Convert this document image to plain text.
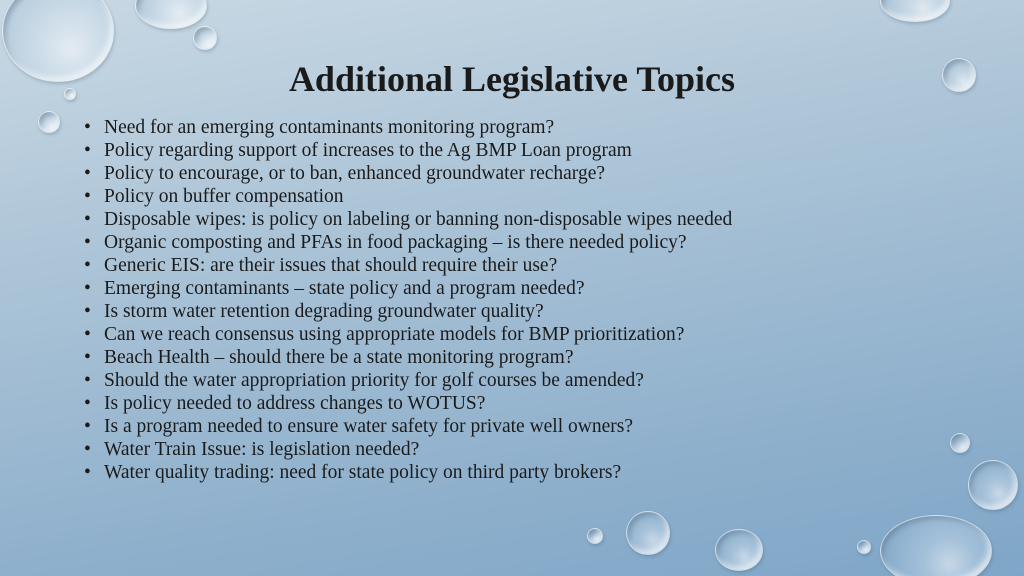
Additional Legislative Topics
• Need for an emerging contaminants monitoring program?
• Policy regarding support of increases to the Ag BMP Loan program
• Policy to encourage, or to ban, enhanced groundwater recharge?
• Policy on buffer compensation
• Disposable wipes: is policy on labeling or banning non-disposable wipes needed
• Organic composting and PFAs in food packaging – is there needed policy?
• Generic EIS: are their issues that should require their use?
• Emerging contaminants – state policy and a program needed?
• Is storm water retention degrading groundwater quality?
• Can we reach consensus using appropriate models for BMP prioritization?
• Beach Health – should there be a state monitoring program?
• Should the water appropriation priority for golf courses be amended?
• Is policy needed to address changes to WOTUS?
• Is a program needed to ensure water safety for private well owners?
• Water Train Issue: is legislation needed?
• Water quality trading: need for state policy on third party brokers?
